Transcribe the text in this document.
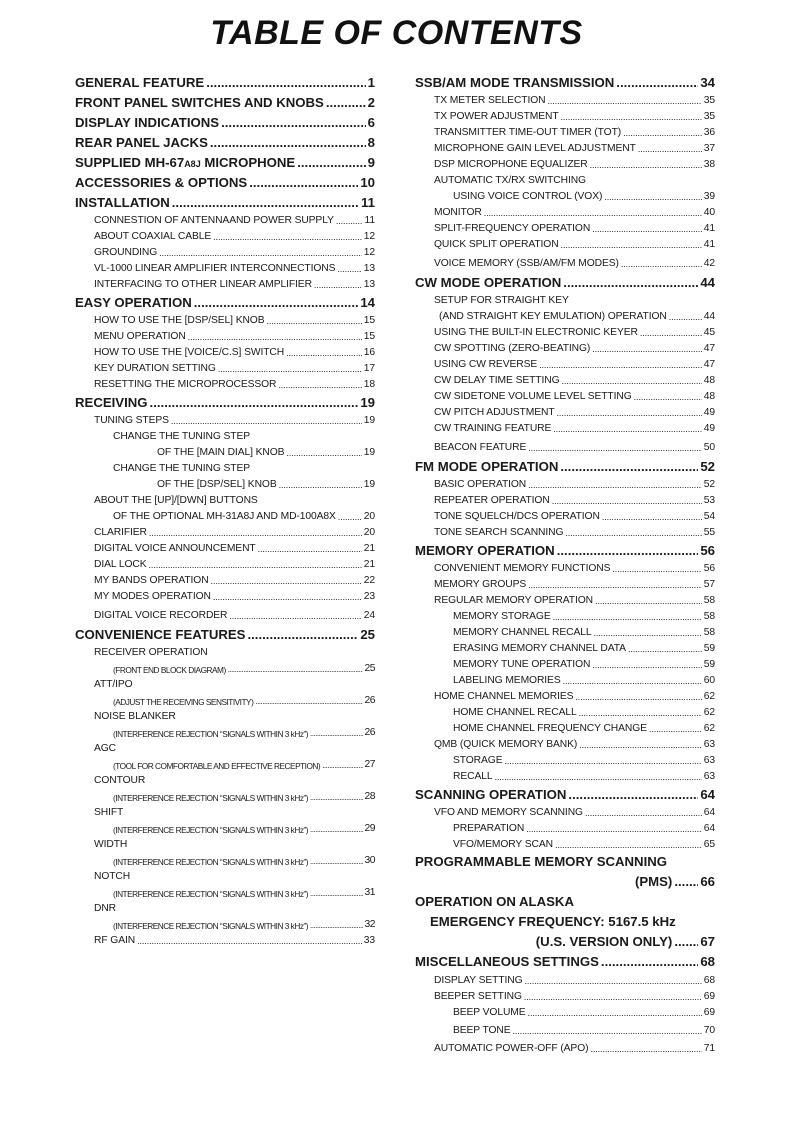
TABLE OF CONTENTS
GENERAL FEATURE .....	1
FRONT PANEL SWITCHES AND KNOBS .....	2
DISPLAY INDICATIONS .....	6
REAR PANEL JACKS .....	8
SUPPLIED MH-67A8J MICROPHONE .....	9
ACCESSORIES & OPTIONS .....	10
INSTALLATION .....	11
CONNESTION OF ANTENNAAND POWER SUPPLY .....	11
ABOUT COAXIAL CABLE .....	12
GROUNDING .....	12
VL-1000 LINEAR AMPLIFIER INTERCONNECTIONS .....	13
INTERFACING TO OTHER LINEAR AMPLIFIER .....	13
EASY OPERATION .....	14
HOW TO USE THE [DSP/SEL] KNOB .....	15
MENU OPERATION .....	15
HOW TO USE THE [VOICE/C.S] SWITCH .....	16
KEY DURATION SETTING .....	17
RESETTING THE MICROPROCESSOR .....	18
RECEIVING .....	19
TUNING STEPS .....	19
CHANGE THE TUNING STEP
OF THE [MAIN DIAL] KNOB .....	19
CHANGE THE TUNING STEP
OF THE [DSP/SEL] KNOB .....	19
ABOUT THE [UP]/[DWN] BUTTONS
OF THE OPTIONAL MH-31A8J AND MD-100A8X .....	20
CLARIFIER .....	20
DIGITAL VOICE ANNOUNCEMENT .....	21
DIAL LOCK .....	21
MY BANDS OPERATION .....	22
MY MODES OPERATION .....	23
DIGITAL VOICE RECORDER .....	24
CONVENIENCE FEATURES .....	25
RECEIVER OPERATION
(FRONT END BLOCK DIAGRAM) .....	25
ATT/IPO
(ADJUST THE RECEIVING SENSITIVITY) .....	26
NOISE BLANKER
(INTERFERENCE REJECTION “SIGNALS WITHIN 3 kHz”) .....	26
AGC
(TOOL FOR COMFORTABLE AND EFFECTIVE RECEPTION) .....	27
CONTOUR
(INTERFERENCE REJECTION “SIGNALS WITHIN 3 kHz”) .....	28
SHIFT
(INTERFERENCE REJECTION “SIGNALS WITHIN 3 kHz”) .....	29
WIDTH
(INTERFERENCE REJECTION “SIGNALS WITHIN 3 kHz”) .....	30
NOTCH
(INTERFERENCE REJECTION “SIGNALS WITHIN 3 kHz”) .....	31
DNR
(INTERFERENCE REJECTION “SIGNALS WITHIN 3 kHz”) .....	32
RF GAIN .....	33
SSB/AM MODE TRANSMISSION .....	34
TX METER SELECTION .....	35
TX POWER ADJUSTMENT .....	35
TRANSMITTER TIME-OUT TIMER (TOT) .....	36
MICROPHONE GAIN LEVEL ADJUSTMENT .....	37
DSP MICROPHONE EQUALIZER .....	38
AUTOMATIC TX/RX SWITCHING
USING VOICE CONTROL (VOX) .....	39
MONITOR .....	40
SPLIT-FREQUENCY OPERATION .....	41
QUICK SPLIT OPERATION .....	41
VOICE MEMORY (SSB/AM/FM MODES) .....	42
CW MODE OPERATION .....	44
SETUP FOR STRAIGHT KEY
(AND STRAIGHT KEY EMULATION) OPERATION .....	44
USING THE BUILT-IN ELECTRONIC KEYER .....	45
CW SPOTTING (ZERO-BEATING) .....	47
USING CW REVERSE .....	47
CW DELAY TIME SETTING .....	48
CW SIDETONE VOLUME LEVEL SETTING .....	48
CW PITCH ADJUSTMENT .....	49
CW TRAINING FEATURE .....	49
BEACON FEATURE .....	50
FM MODE OPERATION .....	52
BASIC OPERATION .....	52
REPEATER OPERATION .....	53
TONE SQUELCH/DCS OPERATION .....	54
TONE SEARCH SCANNING .....	55
MEMORY OPERATION .....	56
CONVENIENT MEMORY FUNCTIONS .....	56
MEMORY GROUPS .....	57
REGULAR MEMORY OPERATION .....	58
MEMORY STORAGE .....	58
MEMORY CHANNEL RECALL .....	58
ERASING MEMORY CHANNEL DATA .....	59
MEMORY TUNE OPERATION .....	59
LABELING MEMORIES .....	60
HOME CHANNEL MEMORIES .....	62
HOME CHANNEL RECALL .....	62
HOME CHANNEL FREQUENCY CHANGE .....	62
QMB (QUICK MEMORY BANK) .....	63
STORAGE .....	63
RECALL .....	63
SCANNING OPERATION .....	64
VFO AND MEMORY SCANNING .....	64
PREPARATION .....	64
VFO/MEMORY SCAN .....	65
PROGRAMMABLE MEMORY SCANNING
(PMS) ..... 66
OPERATION ON ALASKA
EMERGENCY FREQUENCY: 5167.5 kHz
(U.S. VERSION ONLY) ..... 67
MISCELLANEOUS SETTINGS .....	68
DISPLAY SETTING .....	68
BEEPER SETTING .....	69
BEEP VOLUME .....	69
BEEP TONE .....	70
AUTOMATIC POWER-OFF (APO) .....	71
